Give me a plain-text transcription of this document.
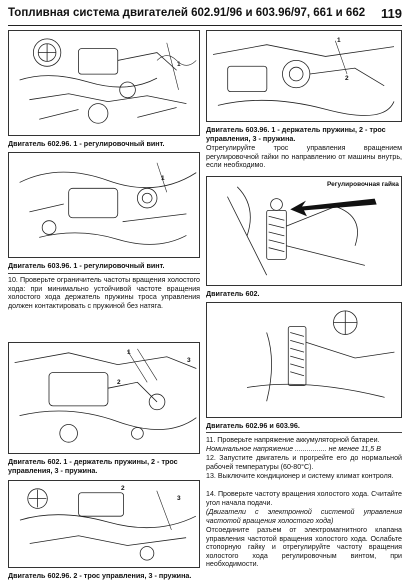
Топливная система двигателей 602.91/96 и 603.96/97, 661 и 662 119
1
Двигатель 602.96. 1 - регулировочный винт.
1
Двигатель 603.96. 1 - регулировочный винт.
10. Проверьте ограничитель частоты вращения холостого хода: при минимально устойчивой частоте вращения холостого хода держатель пружины троса управления должен контактировать с пружиной без натяга.
1
2
3
Двигатель 602. 1 - держатель пружины, 2 - трос управления, 3 - пружина.
2
3
Двигатель 602.96. 2 - трос управления, 3 - пружина.
1
2
Двигатель 603.96. 1 - держатель пружины, 2 - трос управления, 3 - пружина.
Отрегулируйте трос управления вращением регулировочной гайки по направлению от машины внутрь, если необходимо.
Регулировочная гайка
Двигатель 602.
Двигатель 602.96 и 603.96.
11. Проверьте напряжение аккумуляторной батареи.
Номинальное напряжение ................ не менее 11,5 В
12. Запустите двигатель и прогрейте его до нормальной рабочей температуры (60-80°С).
13. Выключите кондиционер и систему климат контроля.
14. Проверьте частоту вращения холостого хода. Считайте угол начала подачи.
(Двигатели с электронной системой управления частотой вращения холостого хода)
Отсоедините разъем от электромагнитного клапана управления частотой вращения холостого хода. Ослабьте стопорную гайку и отрегулируйте частоту вращения холостого хода регулировочным винтом, при необходимости.
